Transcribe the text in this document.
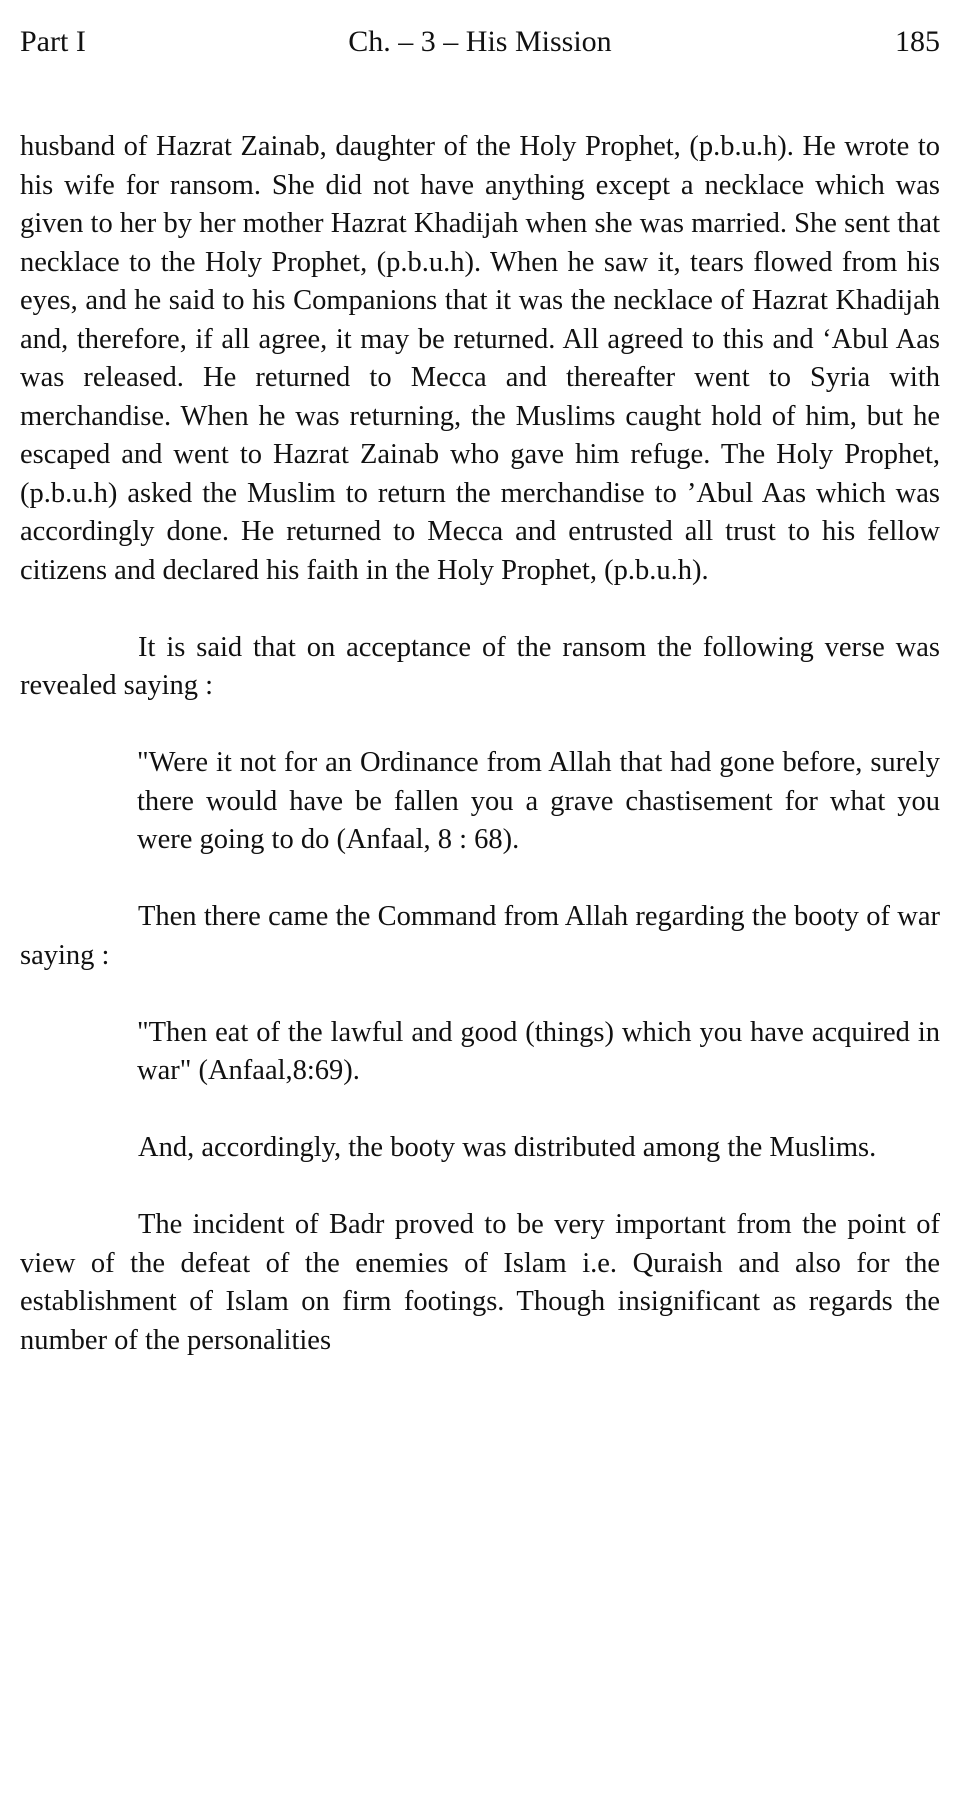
Part I	Ch. – 3 – His Mission	185

husband of Hazrat Zainab, daughter of the Holy Prophet, (p.b.u.h). He wrote to his wife for ransom. She did not have anything except a necklace which was given to her by her mother Hazrat Khadijah when she was married. She sent that necklace to the Holy Prophet, (p.b.u.h). When he saw it, tears flowed from his eyes, and he said to his Companions that it was the necklace of Hazrat Khadijah and, therefore, if all agree, it may be returned. All agreed to this and ‘Abul Aas was released. He returned to Mecca and thereafter went to Syria with merchandise. When he was returning, the Muslims caught hold of him, but he escaped and went to Hazrat Zainab who gave him refuge. The Holy Prophet, (p.b.u.h) asked the Muslim to return the merchandise to ’Abul Aas which was accordingly done. He returned to Mecca and entrusted all trust to his fellow citizens and declared his faith in the Holy Prophet, (p.b.u.h).

It is said that on acceptance of the ransom the following verse was revealed saying :

"Were it not for an Ordinance from Allah that had gone before, surely there would have be fallen you a grave chastisement for what you were going to do (Anfaal, 8 : 68).

Then there came the Command from Allah regarding the booty of war saying :

"Then eat of the lawful and good (things) which you have acquired in war" (Anfaal,8:69).

And, accordingly, the booty was distributed among the Muslims.

The incident of Badr proved to be very important from the point of view of the defeat of the enemies of Islam i.e. Quraish and also for the establishment of Islam on firm footings. Though insignificant as regards the number of the personalities
